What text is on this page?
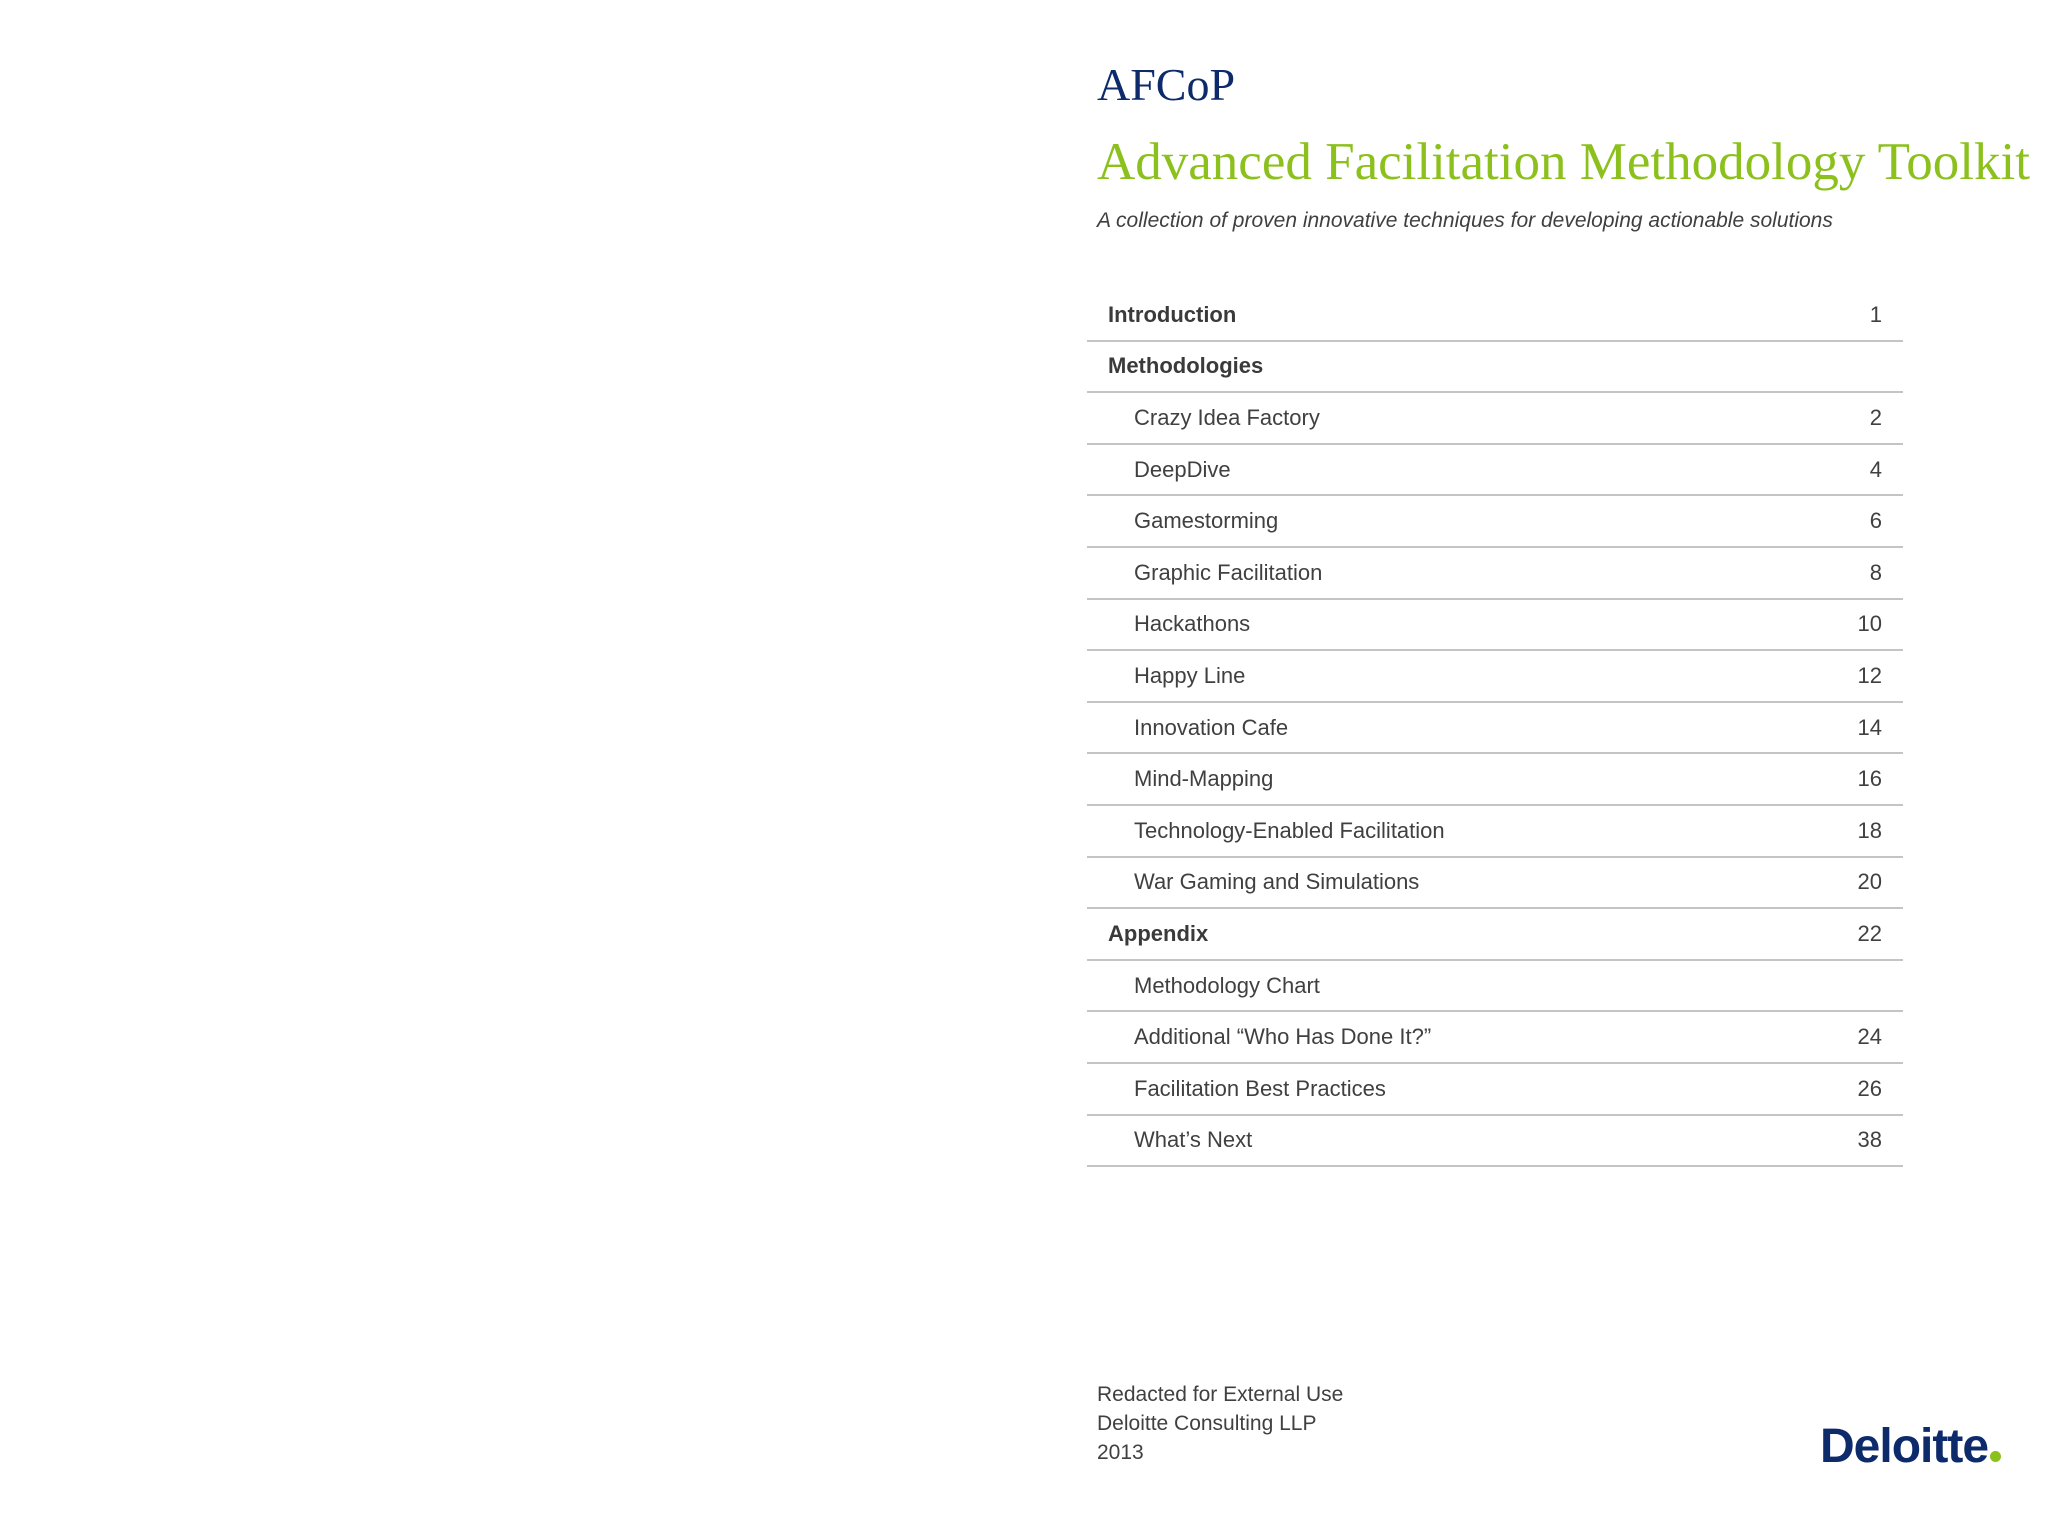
AFCoP
Advanced Facilitation Methodology Toolkit
A collection of proven innovative techniques for developing actionable solutions
Introduction	1
Methodologies
Crazy Idea Factory	2
DeepDive	4
Gamestorming	6
Graphic Facilitation	8
Hackathons	10
Happy Line	12
Innovation Cafe	14
Mind-Mapping	16
Technology-Enabled Facilitation	18
War Gaming and Simulations	20
Appendix	22
Methodology Chart
Additional “Who Has Done It?”	24
Facilitation Best Practices	26
What’s Next	38
Redacted for External Use
Deloitte Consulting LLP
2013	Deloitte
